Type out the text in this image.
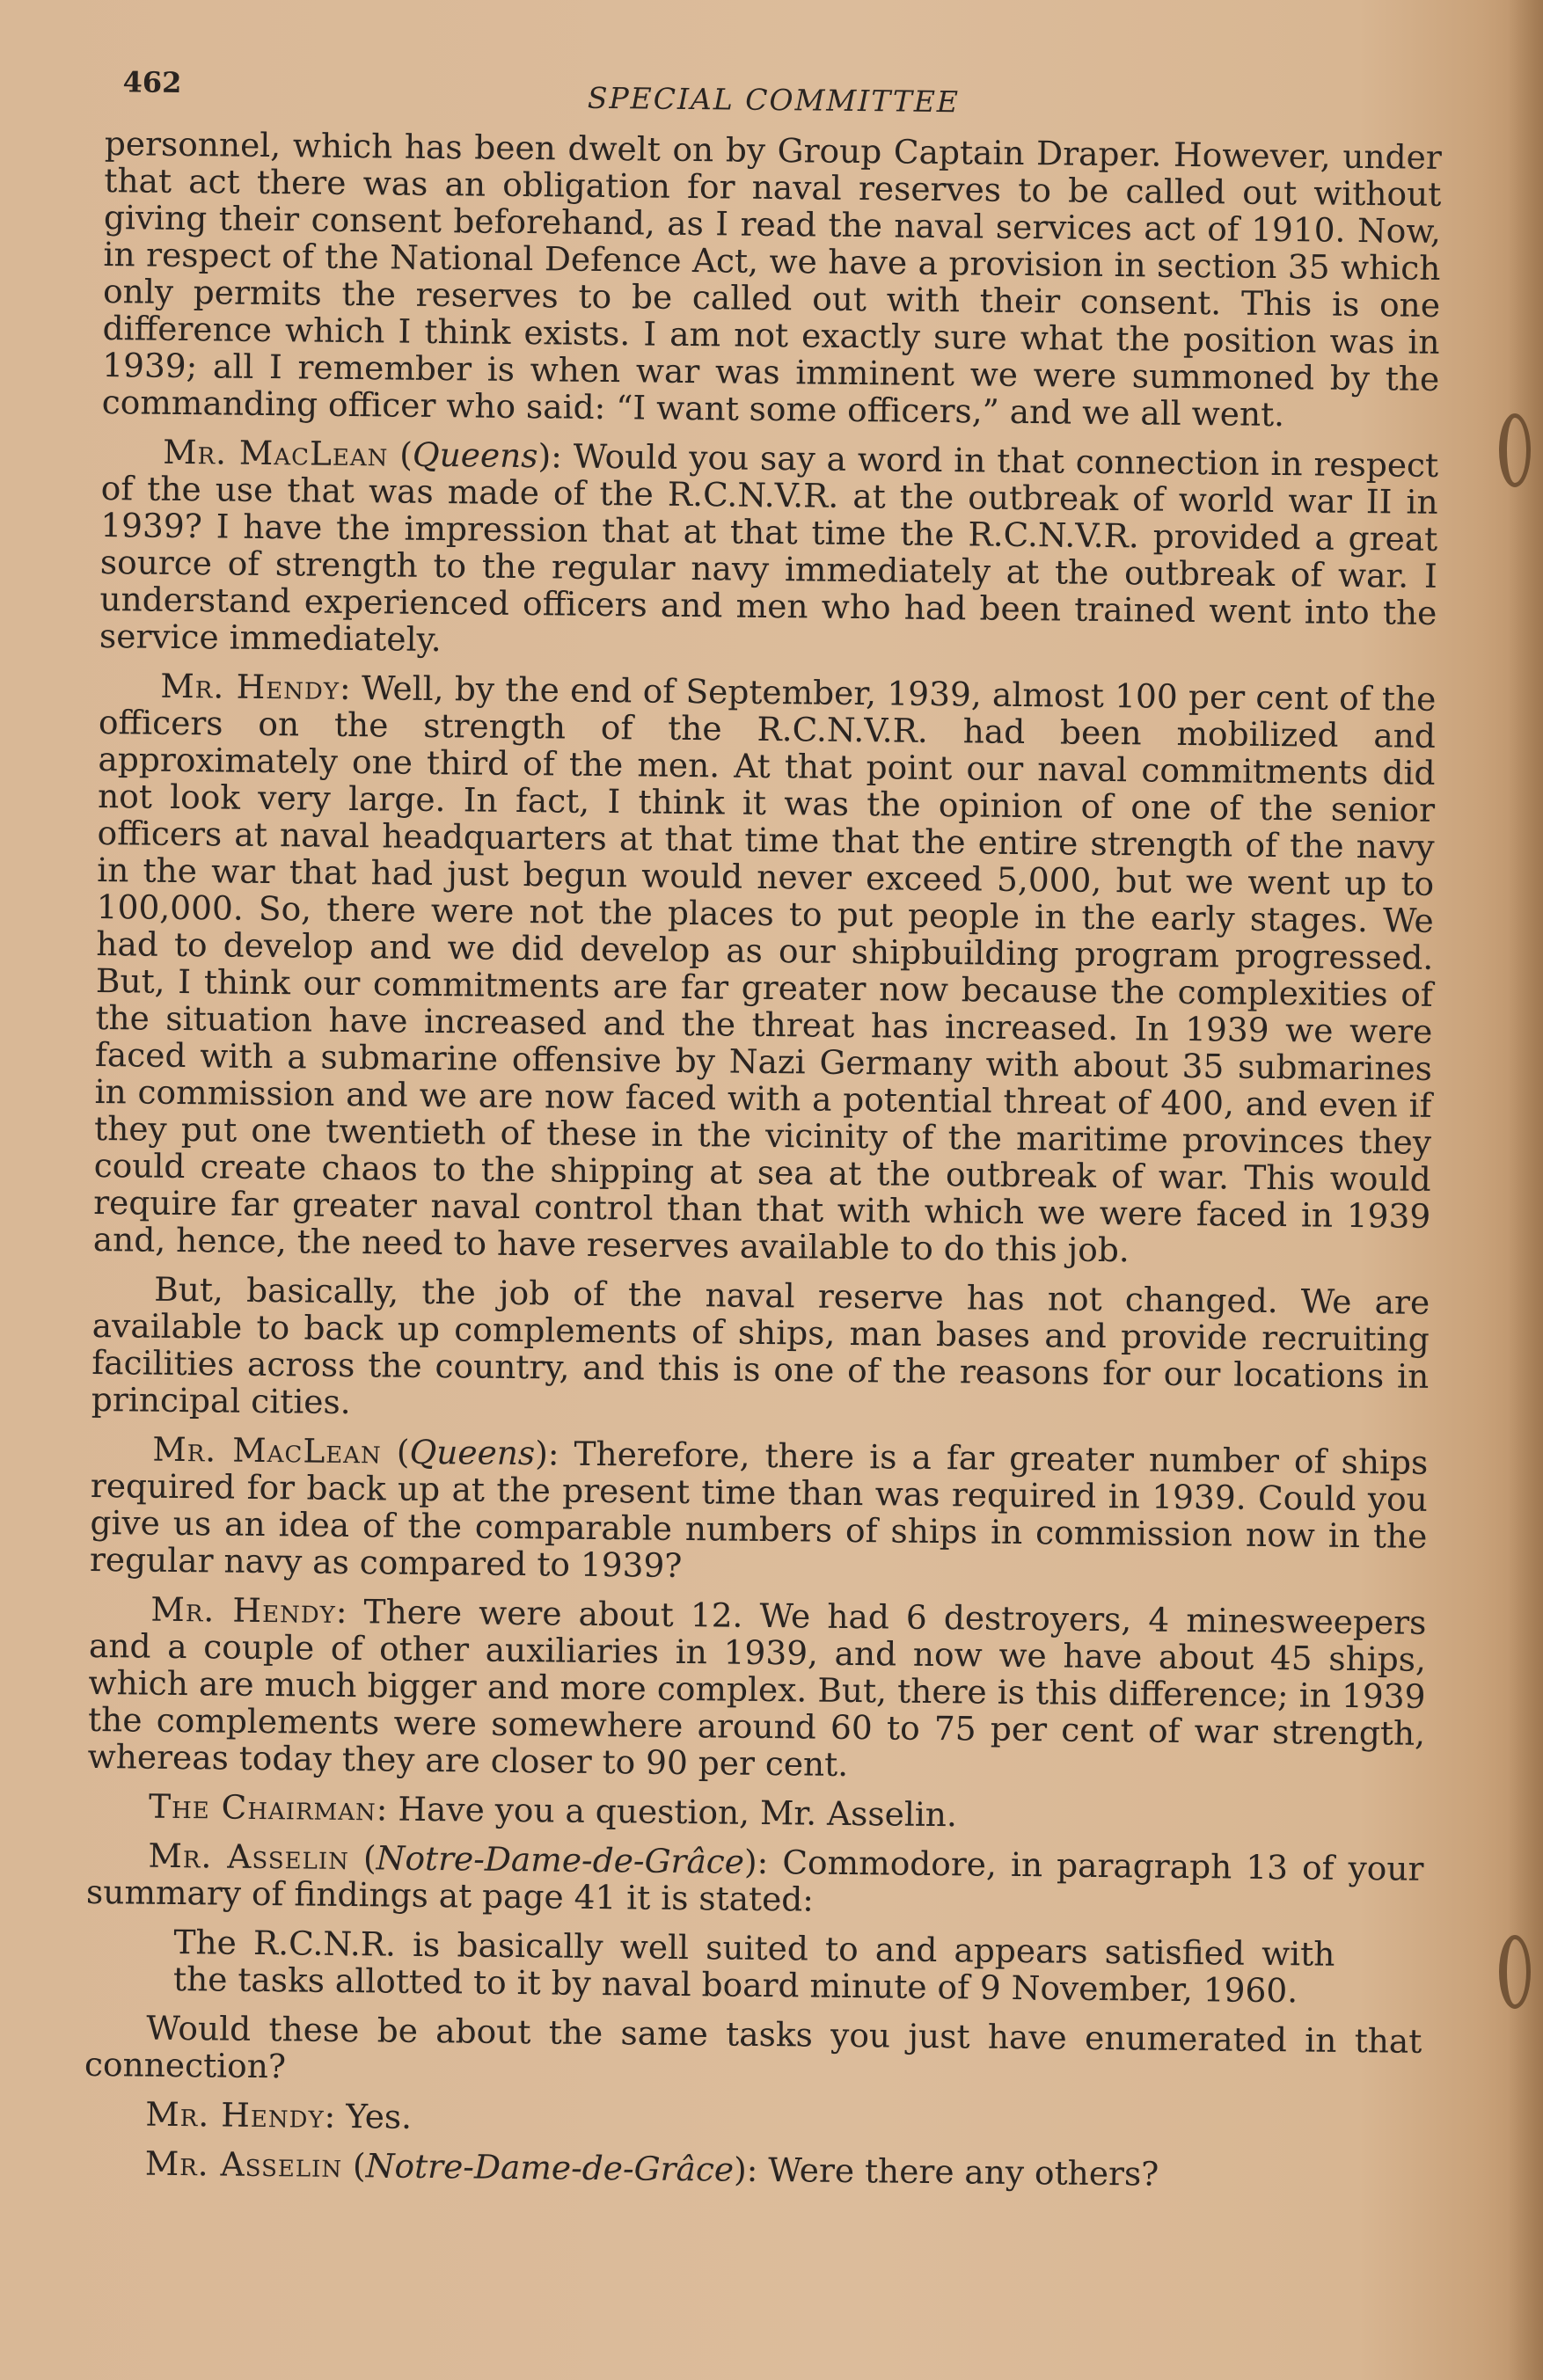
462	SPECIAL COMMITTEE

personnel, which has been dwelt on by Group Captain Draper. However, under that act there was an obligation for naval reserves to be called out without giving their consent beforehand, as I read the naval services act of 1910. Now, in respect of the National Defence Act, we have a provision in section 35 which only permits the reserves to be called out with their consent. This is one difference which I think exists. I am not exactly sure what the position was in 1939; all I remember is when war was imminent we were summoned by the commanding officer who said: “I want some officers,” and we all went.

Mr. MacLean (Queens): Would you say a word in that connection in respect of the use that was made of the R.C.N.V.R. at the outbreak of world war II in 1939? I have the impression that at that time the R.C.N.V.R. provided a great source of strength to the regular navy immediately at the outbreak of war. I understand experienced officers and men who had been trained went into the service immediately.

Mr. Hendy: Well, by the end of September, 1939, almost 100 per cent of the officers on the strength of the R.C.N.V.R. had been mobilized and approximately one third of the men. At that point our naval commitments did not look very large. In fact, I think it was the opinion of one of the senior officers at naval headquarters at that time that the entire strength of the navy in the war that had just begun would never exceed 5,000, but we went up to 100,000. So, there were not the places to put people in the early stages. We had to develop and we did develop as our shipbuilding program progressed. But, I think our commitments are far greater now because the complexities of the situation have increased and the threat has increased. In 1939 we were faced with a submarine offensive by Nazi Germany with about 35 submarines in commission and we are now faced with a potential threat of 400, and even if they put one twentieth of these in the vicinity of the maritime provinces they could create chaos to the shipping at sea at the outbreak of war. This would require far greater naval control than that with which we were faced in 1939 and, hence, the need to have reserves available to do this job.

But, basically, the job of the naval reserve has not changed. We are available to back up complements of ships, man bases and provide recruiting facilities across the country, and this is one of the reasons for our locations in principal cities.

Mr. MacLean (Queens): Therefore, there is a far greater number of ships required for back up at the present time than was required in 1939. Could you give us an idea of the comparable numbers of ships in commission now in the regular navy as compared to 1939?

Mr. Hendy: There were about 12. We had 6 destroyers, 4 minesweepers and a couple of other auxiliaries in 1939, and now we have about 45 ships, which are much bigger and more complex. But, there is this difference; in 1939 the complements were somewhere around 60 to 75 per cent of war strength, whereas today they are closer to 90 per cent.

The Chairman: Have you a question, Mr. Asselin.

Mr. Asselin (Notre-Dame-de-Grâce): Commodore, in paragraph 13 of your summary of findings at page 41 it is stated:

The R.C.N.R. is basically well suited to and appears satisfied with the tasks allotted to it by naval board minute of 9 November, 1960.

Would these be about the same tasks you just have enumerated in that connection?

Mr. Hendy: Yes.

Mr. Asselin (Notre-Dame-de-Grâce): Were there any others?
